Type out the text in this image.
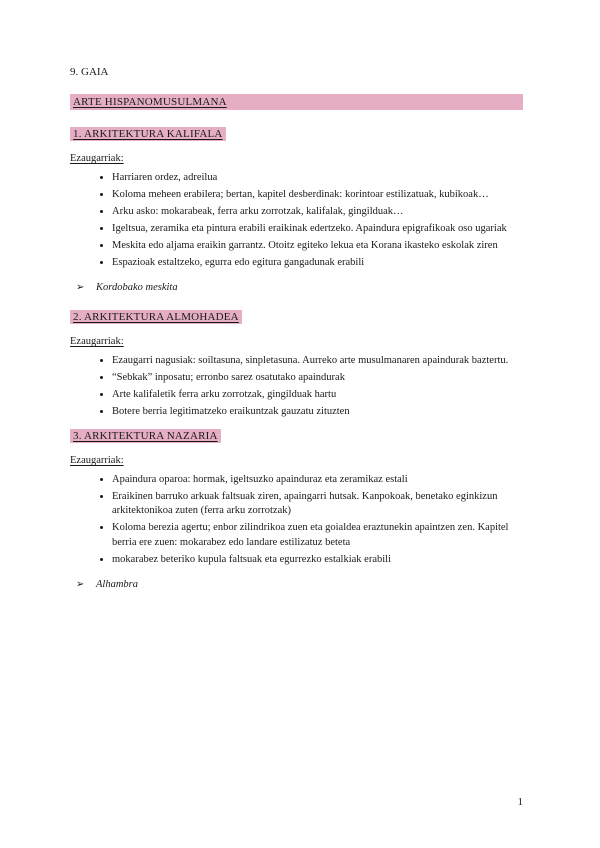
9. GAIA
ARTE HISPANOMUSULMANA
1. ARKITEKTURA KALIFALA
Ezaugarriak:
• Harriaren ordez, adreilua
• Koloma meheen erabilera; bertan, kapitel desberdinak: korintoar estilizatuak, kubikoak…
• Arku asko: mokarabeak, ferra arku zorrotzak, kalifalak, gingilduak…
• Igeltsua, zeramika eta pintura erabili eraikinak edertzeko. Apaindura epigrafikoak oso ugariak
• Meskita edo aljama eraikin garrantz. Otoitz egiteko lekua eta Korana ikasteko eskolak ziren
• Espazioak estaltzeko, egurra edo egitura gangadunak erabili
➢ Kordobako meskita
2. ARKITEKTURA ALMOHADEA
Ezaugarriak:
• Ezaugarri nagusiak: soiltasuna, sinpletasuna. Aurreko arte musulmanaren apaindurak baztertu.
• “Sebkak” inposatu; erronbo sarez osatutako apaindurak
• Arte kalifaletik ferra arku zorrotzak, gingilduak hartu
• Botere berria legitimatzeko eraikuntzak gauzatu zituzten
3. ARKITEKTURA NAZARIA
Ezaugarriak:
• Apaindura oparoa: hormak, igeltsuzko apainduraz eta zeramikaz estali
• Eraikinen barruko arkuak faltsuak ziren, apaingarri hutsak. Kanpokoak, benetako eginkizun arkitektonikoa zuten (ferra arku zorrotzak)
• Koloma berezia agertu; enbor zilindrikoa zuen eta goialdea eraztunekin apaintzen zen. Kapitel berria ere zuen: mokarabez edo landare estilizatuz beteta
• mokarabez beteriko kupula faltsuak eta egurrezko estalkiak erabili
➢ Alhambra
1
